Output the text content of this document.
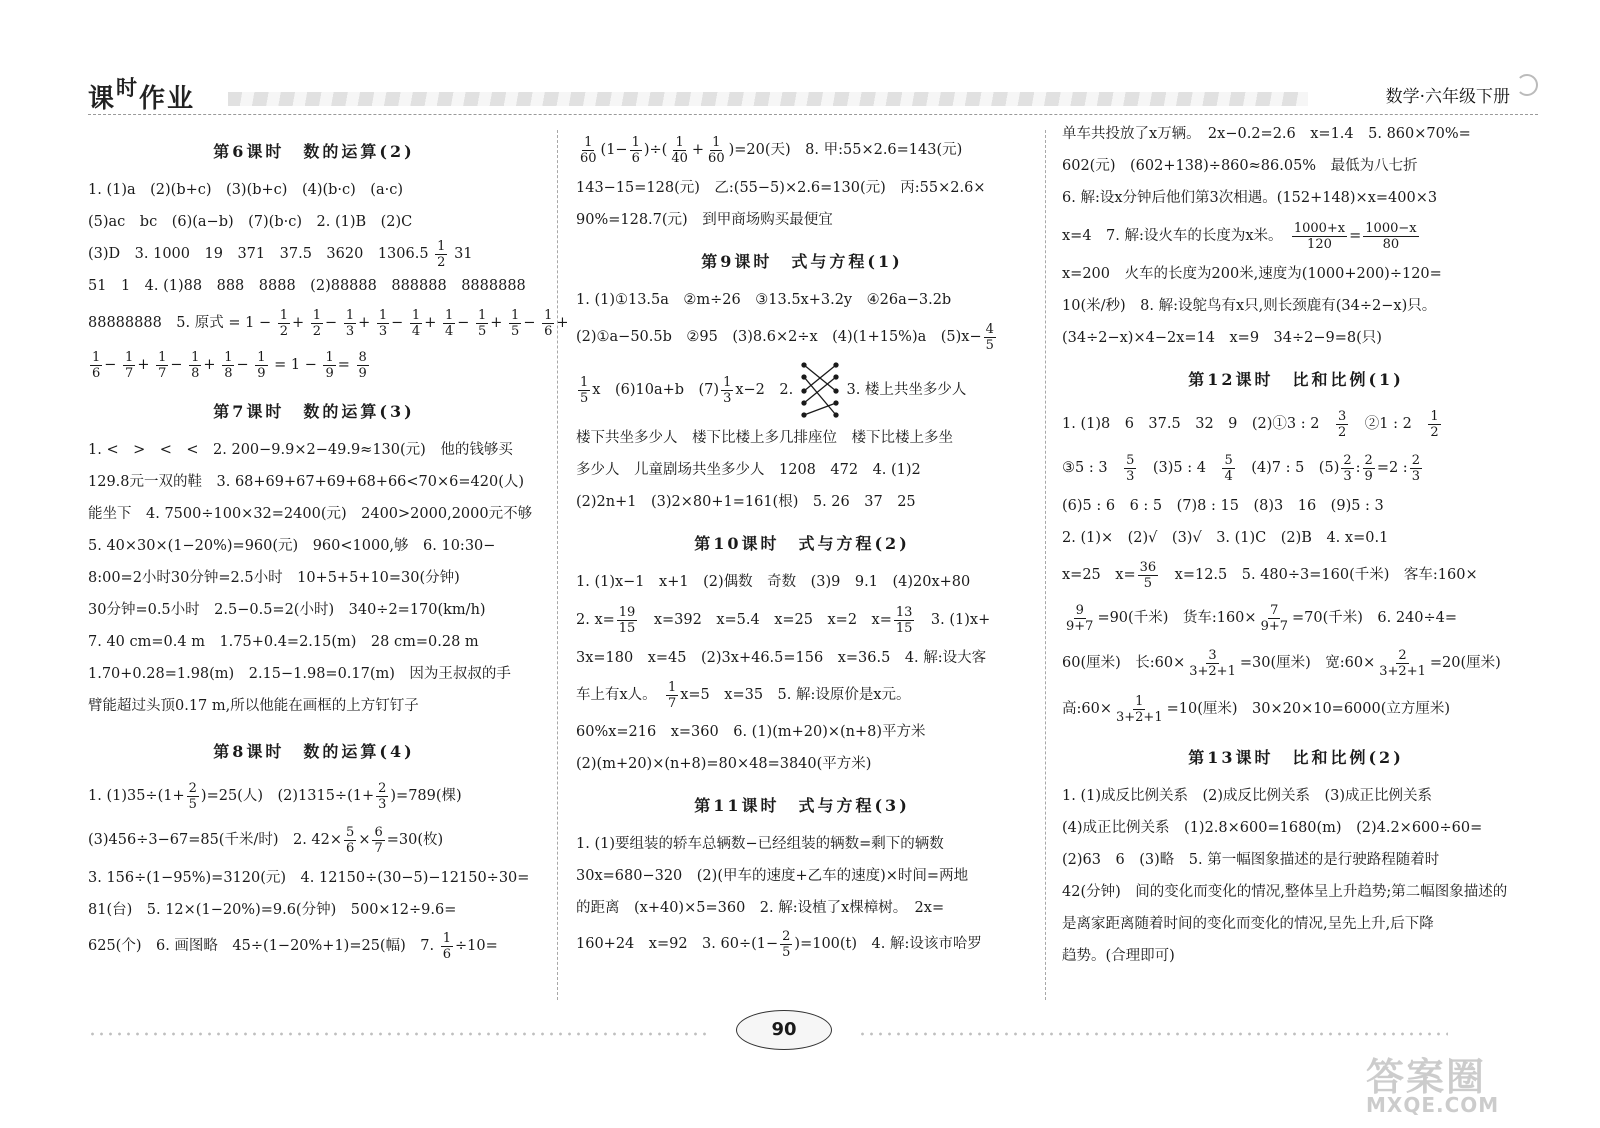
课时作业	数学·六年级下册
第6课时　数的运算(2)
1. (1)a　(2)(b+c)　(3)(b+c)　(4)(b·c)　(a·c)
(5)ac　bc　(6)(a−b)　(7)(b·c)　2. (1)B　(2)C
(3)D　3. 1000　19　371　37.5　3620　$1306.5 \frac{1}{2} 31$
51　1　4. (1)88　888　8888　(2)88888　888888　8888888
88888888　5. 原式 = $1 - \frac{1}{2} + \frac{1}{2} - \frac{1}{3} + \frac{1}{3} - \frac{1}{4} + \frac{1}{4} - \frac{1}{5} + \frac{1}{5} - \frac{1}{6}$ +
$\frac{1}{6} - \frac{1}{7} + \frac{1}{7} - \frac{1}{8} + \frac{1}{8} - \frac{1}{9} = 1 - \frac{1}{9} = \frac{8}{9}$
第7课时　数的运算(3)
1. <　>　<　<　2. 200−9.9×2−49.9≈130(元)　他的钱够买
129.8元一双的鞋　3. 68+69+67+69+68+66<70×6=420(人)
能坐下　4. 7500÷100×32=2400(元)　2400>2000,2000元不够
5. 40×30×(1−20%)=960(元)　960<1000,够　6. 10:30−
8:00=2小时30分钟=2.5小时　10+5+5+10=30(分钟)
30分钟=0.5小时　2.5−0.5=2(小时)　340÷2=170(km/h)
7. 40 cm=0.4 m　1.75+0.4=2.15(m)　28 cm=0.28 m
1.70+0.28=1.98(m)　2.15−1.98=0.17(m)　因为王叔叔的手
臂能超过头顶0.17 m,所以他能在画框的上方钉钉子
第8课时　数的运算(4)
1. $(1)35\div(1+ \frac{2}{5} )=25$(人)　$(2)1315\div(1+ \frac{2}{3} )=789$(棵)
(3)456÷3−67=85(千米/时)　2. $42\times \frac{5}{6} \times \frac{6}{7} =30$(枚)
3. 156÷(1−95%)=3120(元)　4. 12150÷(30−5)−12150÷30=
81(台)　5. 12×(1−20%)=9.6(分钟)　500×12÷9.6=
625(个)　6. 画图略　45÷(1−20%+1)=25(幅)　7. $\frac{1}{6} \div 10=$
$\frac{1}{60} (1- \frac{1}{6}$ )÷( $\frac{1}{40} + \frac{1}{60} )=20$(天)　8. 甲:55×2.6=143(元)
143−15=128(元)　乙:(55−5)×2.6=130(元)　丙:55×2.6×
90%=128.7(元)　到甲商场购买最便宜
第9课时　式与方程(1)
1. (1)①13.5a　②m÷26　③13.5x+3.2y　④26a−3.2b
(2)①a−50.5b　②95　(3)8.6×2÷x　(4)(1+15%)a　$(5)x- \frac{4}{5}$
$\frac{1}{5}$ x　(6)10a+b　$(7) \frac{1}{3} x-2$　2.	3. 楼上共坐多少人
楼下共坐多少人　楼下比楼上多几排座位　楼下比楼上多坐
多少人　儿童剧场共坐多少人　1208　472　4. (1)2
(2)2n+1　(3)2×80+1=161(根)　5. 26　37　25
第10课时　式与方程(2)
1. (1)x−1　x+1　(2)偶数　奇数　(3)9　9.1　(4)20x+80
2. $x= \frac{19}{15}$
　 x=392　x=5.4　x=25　x=2　$x= \frac{13}{15}$
　 3. (1)x+
3x=180　x=45　(2)3x+46.5=156　x=36.5　4. 解:设大客
车上有x人。　 $\frac{1}{7} x=5$　x=35　5. 解:设原价是x元。
60%x=216　x=360　6. (1)(m+20)×(n+8)平方米
(2)(m+20)×(n+8)=80×48=3840(平方米)
第11课时　式与方程(3)
1. (1)要组装的轿车总辆数−已经组装的辆数=剩下的辆数
30x=680−320　(2)(甲车的速度+乙车的速度)×时间=两地
的距离　(x+40)×5=360　2. 解:设植了x棵樟树。　2x=
160+24　x=92　3. $60\div(1- \frac{2}{5} )=100(t)$　4. 解:设该市哈罗
单车共投放了x万辆。　2x−0.2=2.6　x=1.4　5. 860×70%=
602(元)　(602+138)÷860≈86.05%　最低为八七折
6. 解:设x分钟后他们第3次相遇。(152+148)×x=400×3
x=4　7. 解:设火车的长度为x米。　 $\frac{1000+x}{120} = \frac{1000-x}{80}$
x=200　火车的长度为200米,速度为(1000+200)÷120=
10(米/秒)　8. 解:设鸵鸟有x只,则长颈鹿有(34÷2−x)只。
(34÷2−x)×4−2x=14　x=9　34÷2−9=8(只)
第12课时　比和比例(1)
1. (1)8　6　37.5　32　9　(2)①3 : 2　 $\frac{3}{2}$
　 ②1 : 2　 $\frac{1}{2}$
③5 : 3　 $\frac{5}{3}$
　 (3)5 : 4　 $\frac{5}{4}$
　 (4)7 : 5　$(5) \frac{2}{3}$ : $\frac{2}{9} =2$ : $\frac{2}{3}$
(6)5 : 6　6 : 5　(7)8 : 15　(8)3　16　(9)5 : 3
2. (1)×　(2)√　(3)√　3. (1)C　(2)B　4. x=0.1
x=25　$x= \frac{36}{5}$
　 x=12.5　5. 480÷3=160(千米)　客车:160×
$\frac{9}{9+7} =90$(千米)　货车:160× $\frac{7}{9+7} =70$(千米)　6. 240÷4=
60(厘米)　长:60× $\frac{3}{3+2+1} =30$(厘米)　宽:60× $\frac{2}{3+2+1} =20$(厘米)
高:60× $\frac{1}{3+2+1} =10$(厘米)　30×20×10=6000(立方厘米)
第13课时　比和比例(2)
1. (1)成反比例关系　(2)成反比例关系　(3)成正比例关系
(4)成正比例关系　(1)2.8×600=1680(m)　(2)4.2×600÷60=
(2)63　6　(3)略　5. 第一幅图象描述的是行驶路程随着时
42(分钟)　间的变化而变化的情况,整体呈上升趋势;第二幅图象描述的
是离家距离随着时间的变化而变化的情况,呈先上升,后下降
趋势。(合理即可)
90
答案圈
MXQE.COM
